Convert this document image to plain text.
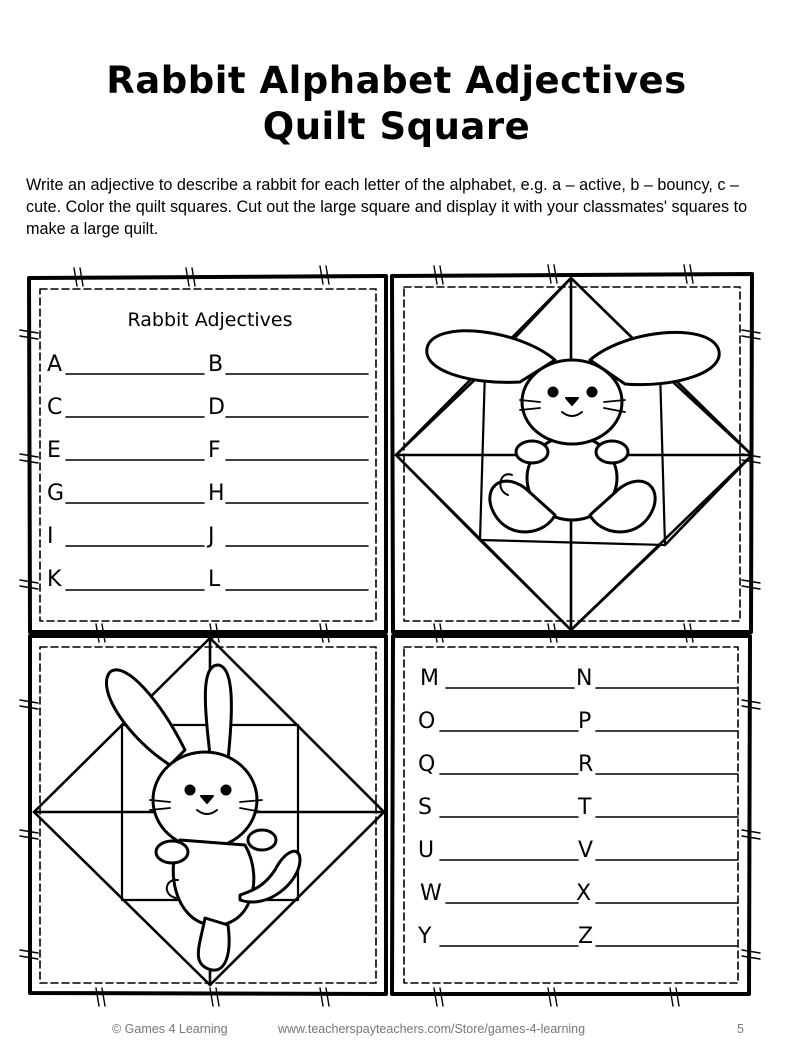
Rabbit Alphabet Adjectives
Quilt Square
Write an adjective to describe a rabbit for each letter of the alphabet, e.g. a – active, b – bouncy, c – cute. Color the quilt squares. Cut out the large square and display it with your classmates' squares to make a large quilt.
Rabbit Adjectives
A	B
C	D
E	F
G	H
I	J
K	L
M	N
O	P
Q	R
S	T
U	V
W	X
Y	Z
© Games 4 Learning	www.teacherspayteachers.com/Store/games-4-learning	5
